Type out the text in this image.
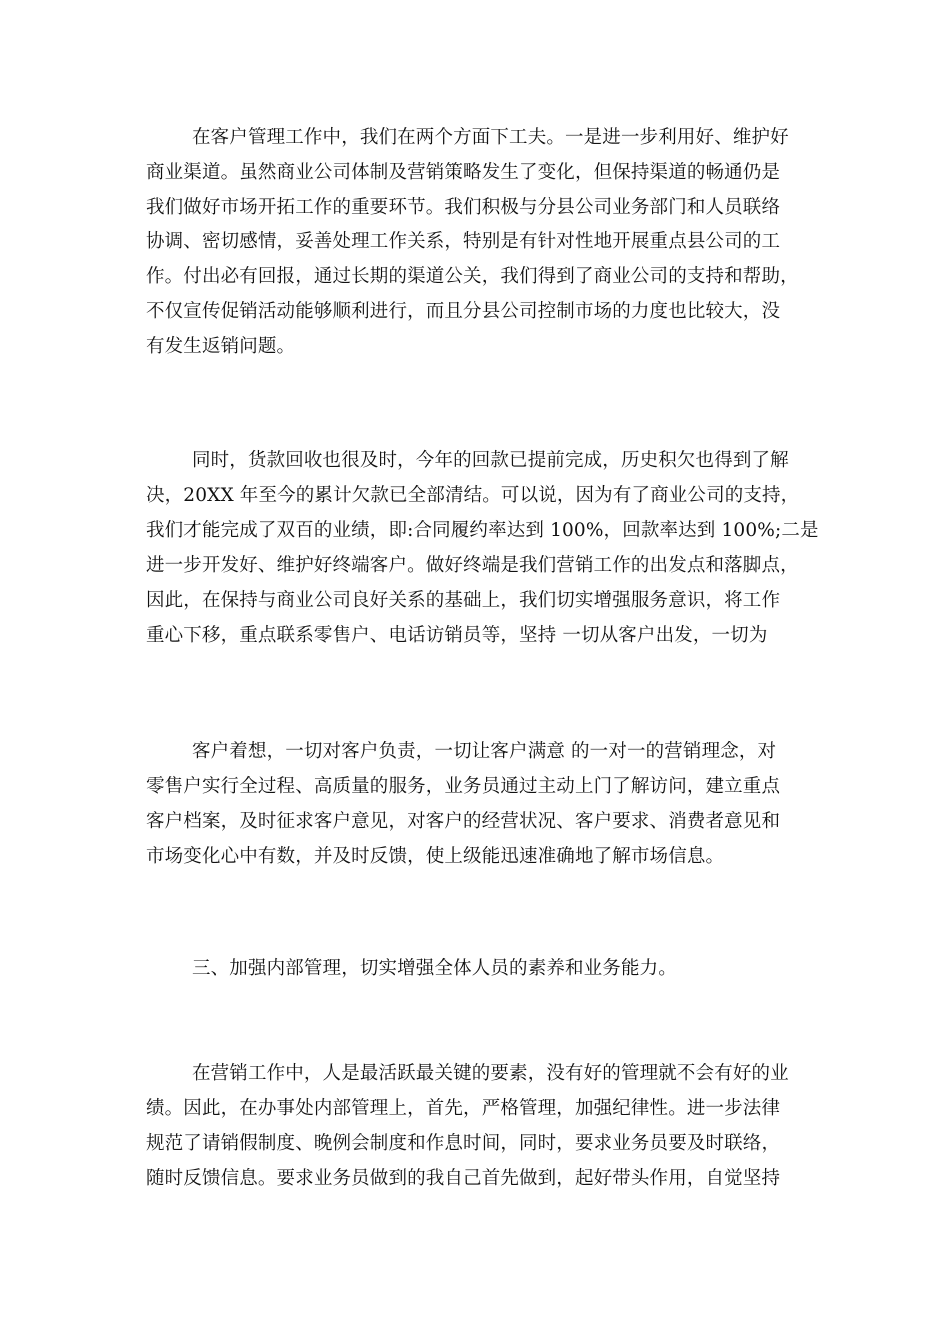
在客户管理工作中，我们在两个方面下工夫。一是进一步利用好、维护好
商业渠道。虽然商业公司体制及营销策略发生了变化，但保持渠道的畅通仍是
我们做好市场开拓工作的重要环节。我们积极与分县公司业务部门和人员联络
协调、密切感情，妥善处理工作关系，特别是有针对性地开展重点县公司的工
作。付出必有回报，通过长期的渠道公关，我们得到了商业公司的支持和帮助，
不仅宣传促销活动能够顺利进行，而且分县公司控制市场的力度也比较大，没
有发生返销问题。
同时，货款回收也很及时，今年的回款已提前完成，历史积欠也得到了解
决，20XX 年至今的累计欠款已全部清结。可以说，因为有了商业公司的支持，
我们才能完成了双百的业绩，即:合同履约率达到 100%，回款率达到 100%;二是
进一步开发好、维护好终端客户。做好终端是我们营销工作的出发点和落脚点，
因此，在保持与商业公司良好关系的基础上，我们切实增强服务意识，将工作
重心下移，重点联系零售户、电话访销员等，坚持 一切从客户出发，一切为
客户着想，一切对客户负责，一切让客户满意 的一对一的营销理念，对
零售户实行全过程、高质量的服务，业务员通过主动上门了解访问，建立重点
客户档案，及时征求客户意见，对客户的经营状况、客户要求、消费者意见和
市场变化心中有数，并及时反馈，使上级能迅速准确地了解市场信息。
三、加强内部管理，切实增强全体人员的素养和业务能力。
在营销工作中，人是最活跃最关键的要素，没有好的管理就不会有好的业
绩。因此，在办事处内部管理上，首先，严格管理，加强纪律性。进一步法律
规范了请销假制度、晚例会制度和作息时间，同时，要求业务员要及时联络，
随时反馈信息。要求业务员做到的我自己首先做到，起好带头作用，自觉坚持
